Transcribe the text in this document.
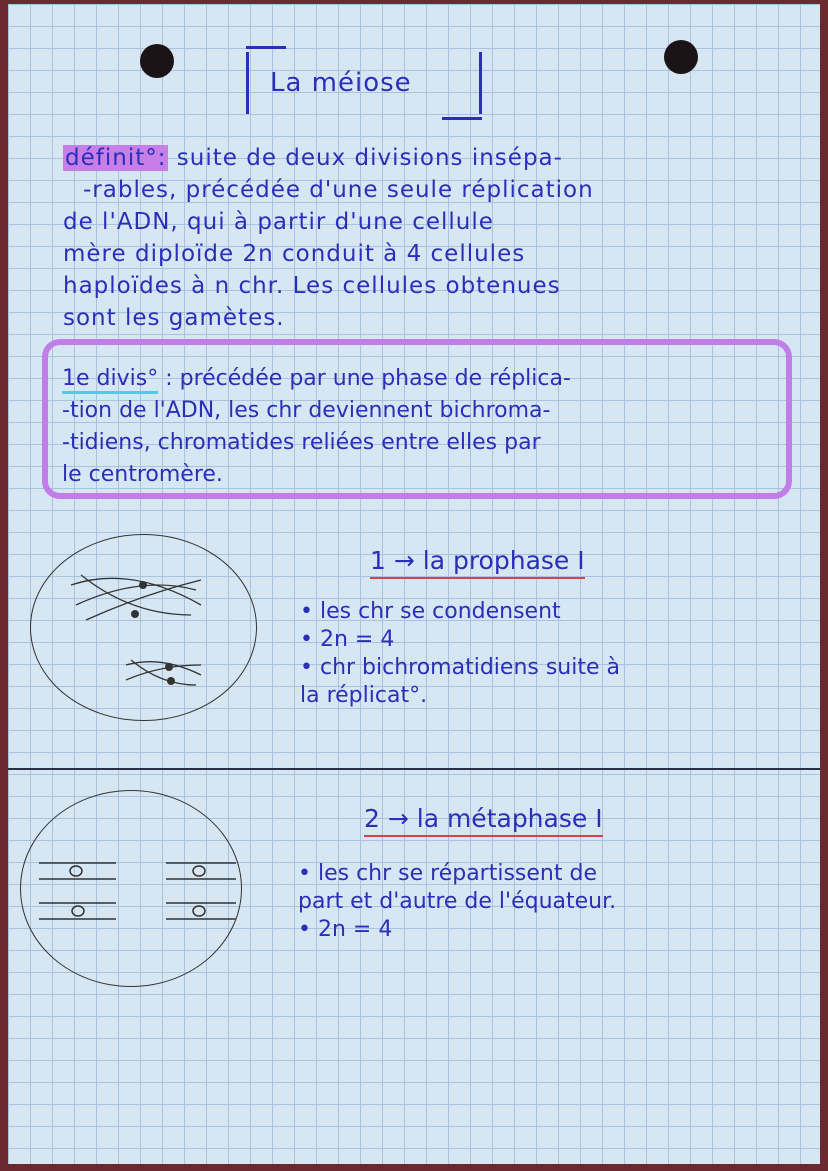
La méiose

définit°: suite de deux divisions insépa-

-rables, précédée d'une seule réplication

de l'ADN, qui à partir d'une cellule

mère diploïde 2n conduit à 4 cellules

haploïdes à n chr. Les cellules obtenues

sont les gamètes.

1e divis° : précédée par une phase de réplica-

-tion de l'ADN, les chr deviennent bichroma-

-tidiens, chromatides reliées entre elles par

le centromère.

1 → la prophase I

• les chr se condensent

• 2n = 4

• chr bichromatidiens suite à

la réplicat°.

2 → la métaphase I

• les chr se répartissent de

part et d'autre de l'équateur.

• 2n = 4
